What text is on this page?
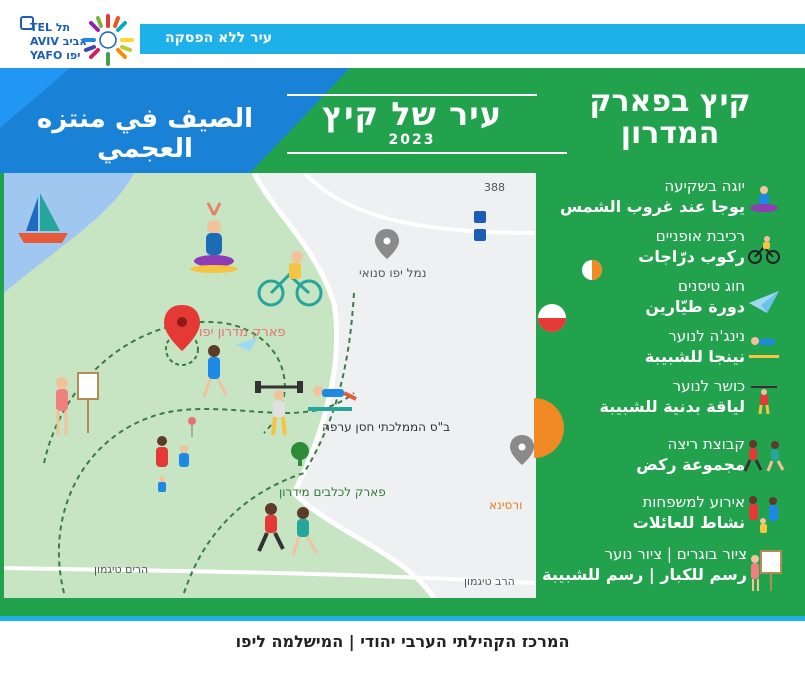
TEL תל
AVIV אביב
YAFO יפו
עיר ללא הפסקה
קיץ בפארק המדרון
עיר של קיץ
2023
الصيف في منتزه العجمي
נמל יפו סנואי
388
פארק מדרון יפו
ב"ס הממלכתי חסן ערפה
פארק לכלבים מידרון
ורסינא
הרים טיגמון
הרב טיגמון
יוגה בשקיעה
يوجا عند غروب الشمس
רכיבת אופניים
ركوب درّاجات
חוג טיסנים
دورة طيّارين
נינג'ה לנוער
نينجا للشبيبة
כושר לנוער
لياقة بدنية للشبيبة
קבוצת ריצה
مجموعة ركض
אירוע למשפחות
نشاط للعائلات
ציור בוגרים | ציור נוער
رسم للكبار | رسم للشبيبة
המרכז הקהילתי הערבי יהודי | המישלמה ליפו
